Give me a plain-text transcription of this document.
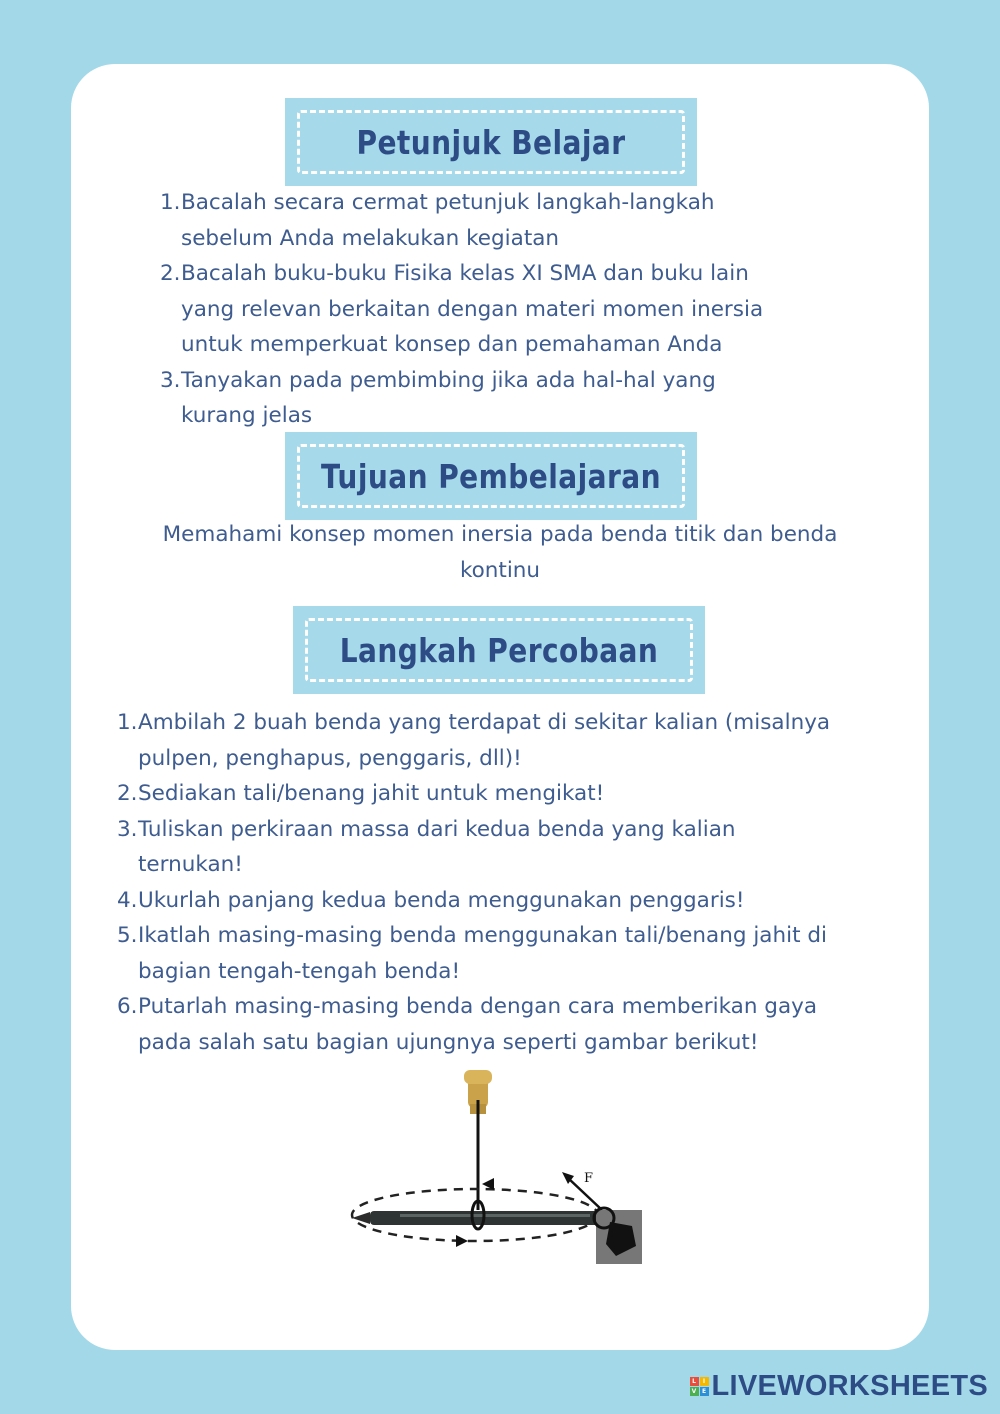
Petunjuk Belajar
1. Bacalah secara cermat petunjuk langkah-langkah
sebelum Anda melakukan kegiatan
2. Bacalah buku-buku Fisika kelas XI SMA dan buku lain
yang relevan berkaitan dengan materi momen inersia
untuk memperkuat konsep dan pemahaman Anda
3. Tanyakan pada pembimbing jika ada hal-hal yang
kurang jelas
Tujuan Pembelajaran
Memahami konsep momen inersia pada benda titik dan benda
kontinu
Langkah Percobaan
1. Ambilah 2 buah benda yang terdapat di sekitar kalian (misalnya
pulpen, penghapus, penggaris, dll)!
2. Sediakan tali/benang jahit untuk mengikat!
3. Tuliskan perkiraan massa dari kedua benda yang kalian
ternukan!
4. Ukurlah panjang kedua benda menggunakan penggaris!
5. Ikatlah masing-masing benda menggunakan tali/benang jahit di
bagian tengah-tengah benda!
6. Putarlah masing-masing benda dengan cara memberikan gaya
pada salah satu bagian ujungnya seperti gambar berikut!
F
L	I
V E LIVEWORKSHEETS
